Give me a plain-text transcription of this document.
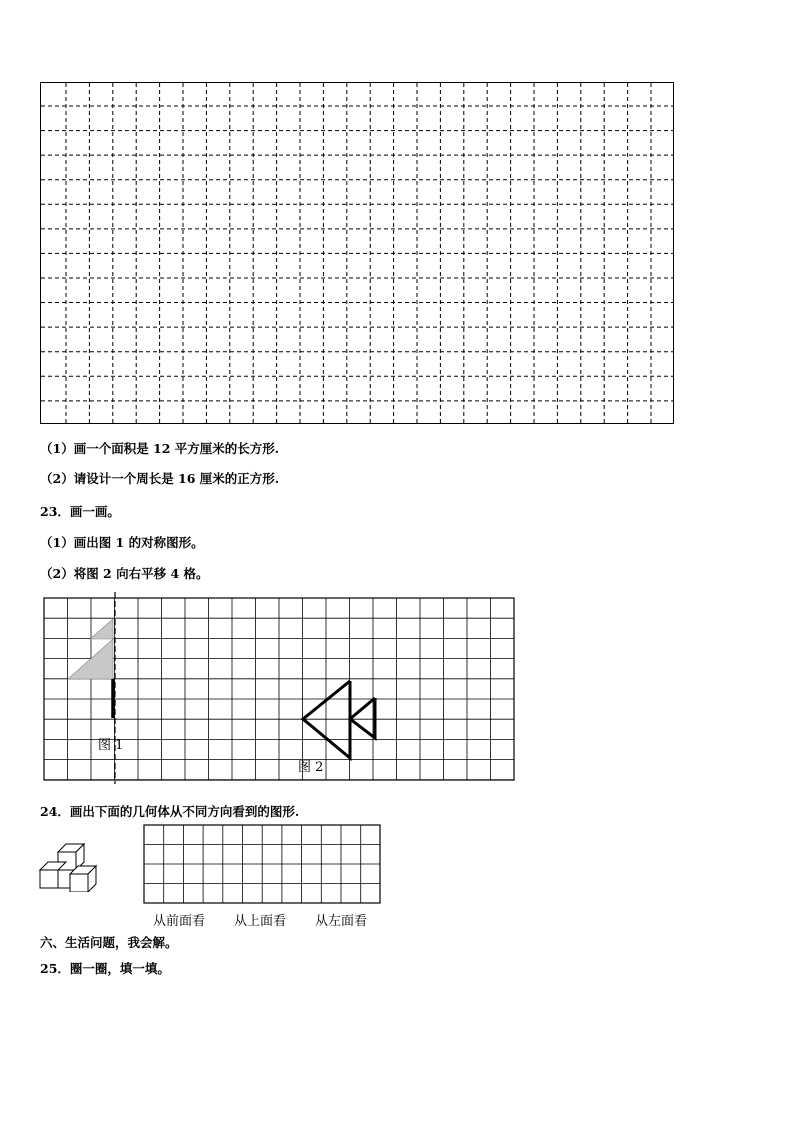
（1）画一个面积是 12 平方厘米的长方形.
（2）请设计一个周长是 16 厘米的正方形.
23．画一画。
（1）画出图 1 的对称图形。
（2）将图 2 向右平移 4 格。
图 1
图 2
24．画出下面的几何体从不同方向看到的图形.
从前面看 从上面看 从左面看
六、生活问题，我会解。
25．圈一圈，填一填。
